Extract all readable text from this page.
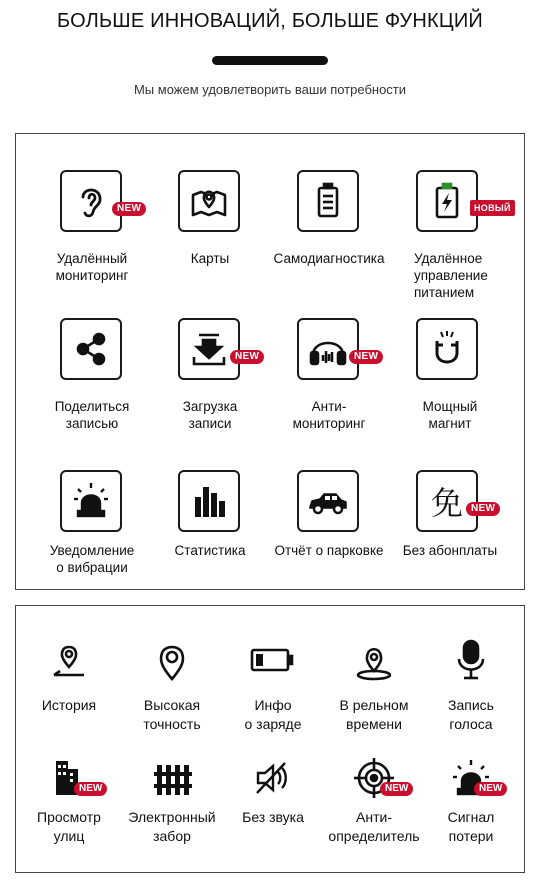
БОЛЬШЕ ИННОВАЦИЙ, БОЛЬШЕ ФУНКЦИЙ
Мы можем удовлетворить ваши потребности
NEW
Удалённый
мониторинг
Карты	Самодиагностика
НОВЫЙ
Удалённое
управление
питанием
Поделиться
записью
NEW
Загрузка
записи
NEW
Анти-
мониторинг
Мощный
магнит
Уведомление
о вибрации
Статистика	Отчёт о парковке
免 NEW
Без абонплаты
История	Высокая
точность
Инфо
о заряде
В рельном
времени
Запись
голоса
NEW
Просмотр
улиц
Электронный
забор
Без звука
NEW
Анти-
определитель
NEW
Сигнал
потери
